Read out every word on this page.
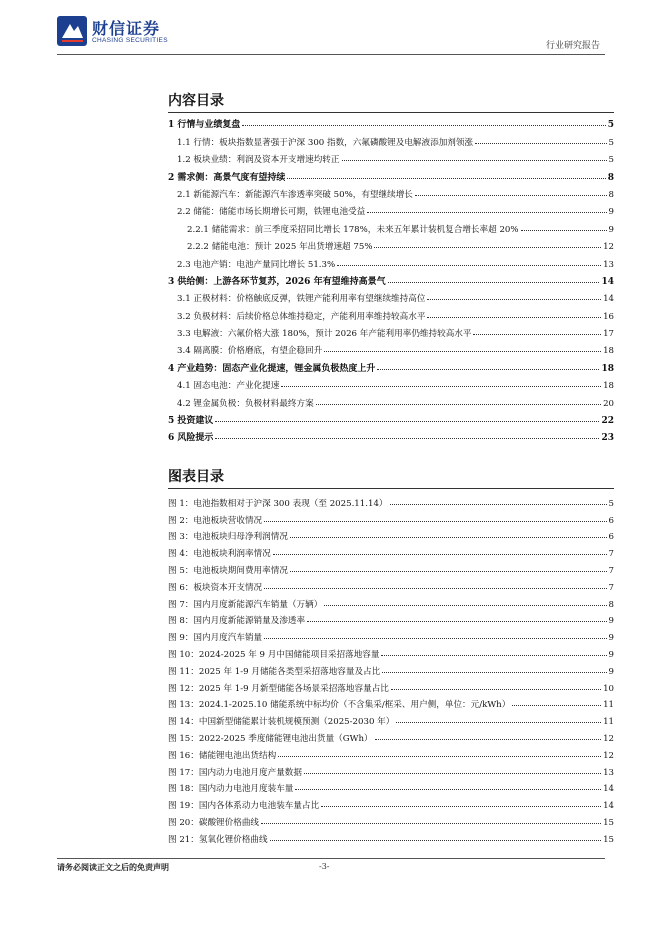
财信证券
CHASING SECURITIES
行业研究报告
内容目录
1 行情与业绩复盘	5
1.1 行情：板块指数显著强于沪深 300 指数，六氟磷酸锂及电解液添加剂领涨	5
1.2 板块业绩：利润及资本开支增速均转正	5
2 需求侧：高景气度有望持续	8
2.1 新能源汽车：新能源汽车渗透率突破 50%，有望继续增长	8
2.2 储能：储能市场长期增长可期，铁锂电池受益	9
2.2.1 储能需求：前三季度采招同比增长 178%，未来五年累计装机复合增长率超 20%	9
2.2.2 储能电池：预计 2025 年出货增速超 75%	12
2.3 电池产销：电池产量同比增长 51.3%	13
3 供给侧：上游各环节复苏，2026 年有望维持高景气	14
3.1 正极材料：价格触底反弹，铁锂产能利用率有望继续维持高位	14
3.2 负极材料：后续价格总体维持稳定，产能利用率维持较高水平	16
3.3 电解液：六氟价格大涨 180%，预计 2026 年产能利用率仍维持较高水平	17
3.4 隔离膜：价格磨底，有望企稳回升	18
4 产业趋势：固态产业化提速，锂金属负极热度上升	18
4.1 固态电池：产业化提速	18
4.2 锂金属负极：负极材料最终方案	20
5 投资建议	22
6 风险提示	23
图表目录
图 1：电池指数相对于沪深 300 表现（至 2025.11.14）	5
图 2：电池板块营收情况	6
图 3：电池板块归母净利润情况	6
图 4：电池板块利润率情况	7
图 5：电池板块期间费用率情况	7
图 6：板块资本开支情况	7
图 7：国内月度新能源汽车销量（万辆）	8
图 8：国内月度新能源销量及渗透率	9
图 9：国内月度汽车销量	9
图 10：2024-2025 年 9 月中国储能项目采招落地容量	9
图 11：2025 年 1-9 月储能各类型采招落地容量及占比	9
图 12：2025 年 1-9 月新型储能各场景采招落地容量占比	10
图 13：2024.1-2025.10 储能系统中标均价（不含集采/框采、用户侧，单位：元/kWh）	11
图 14：中国新型储能累计装机规模预测（2025-2030 年）	11
图 15：2022-2025 季度储能锂电池出货量（GWh）	12
图 16：储能锂电池出货结构	12
图 17：国内动力电池月度产量数据	13
图 18：国内动力电池月度装车量	14
图 19：国内各体系动力电池装车量占比	14
图 20：碳酸锂价格曲线	15
图 21：氢氧化锂价格曲线	15
请务必阅读正文之后的免责声明	-3-
